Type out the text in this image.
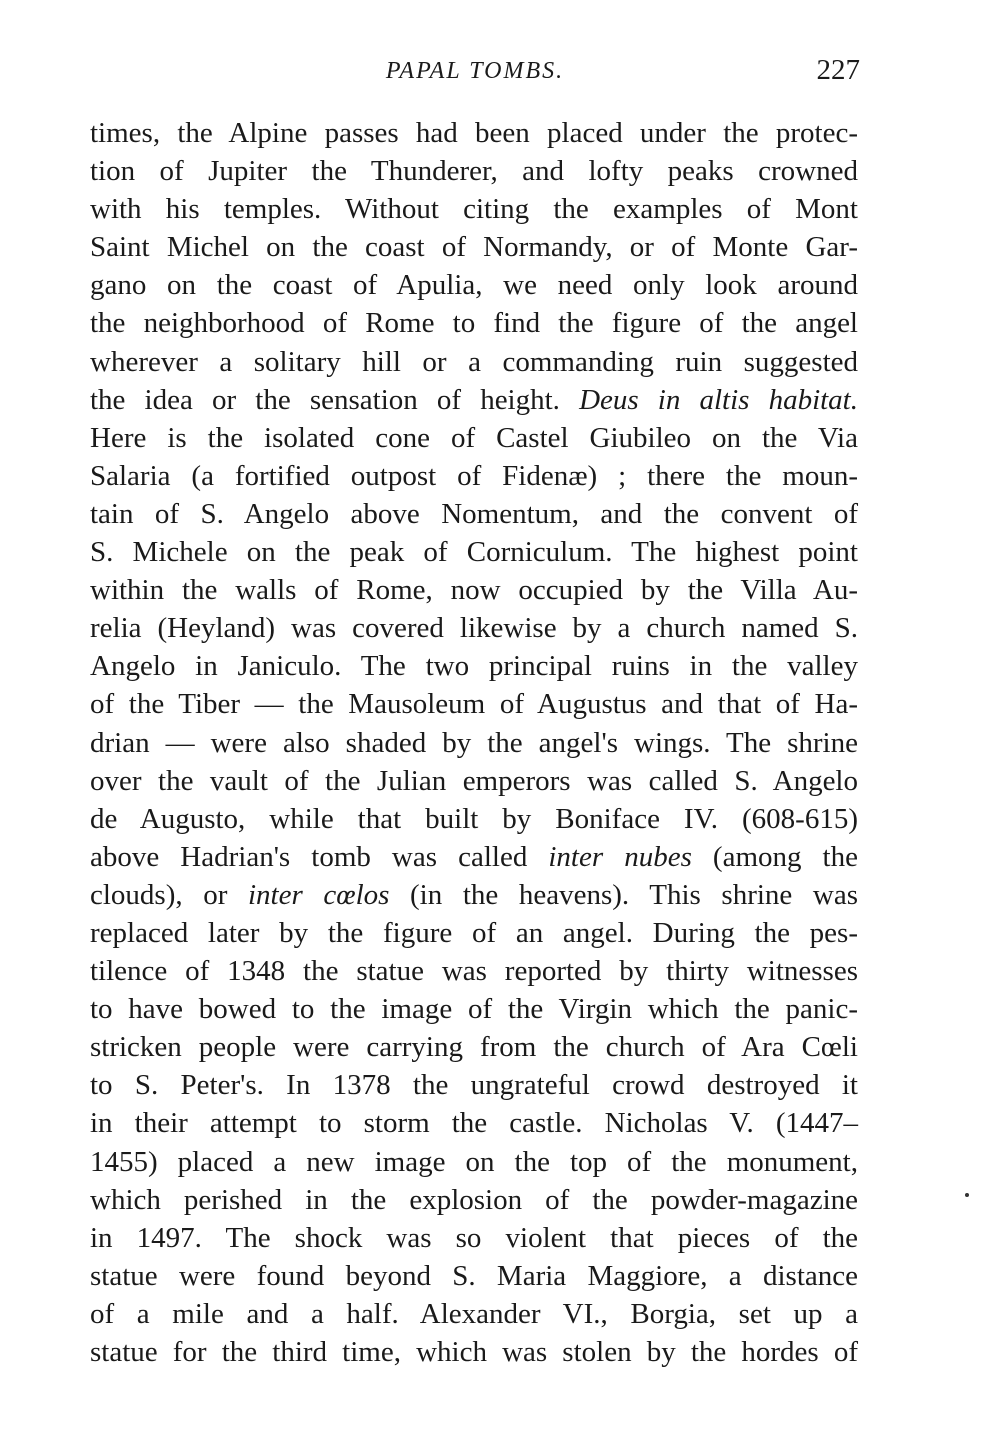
PAPAL TOMBS.	227
times, the Alpine passes had been placed under the protec-
tion of Jupiter the Thunderer, and lofty peaks crowned
with his temples. Without citing the examples of Mont
Saint Michel on the coast of Normandy, or of Monte Gar-
gano on the coast of Apulia, we need only look around
the neighborhood of Rome to find the figure of the angel
wherever a solitary hill or a commanding ruin suggested
the idea or the sensation of height. Deus in altis habitat.
Here is the isolated cone of Castel Giubileo on the Via
Salaria (a fortified outpost of Fidenæ) ; there the moun-
tain of S. Angelo above Nomentum, and the convent of
S. Michele on the peak of Corniculum. The highest point
within the walls of Rome, now occupied by the Villa Au-
relia (Heyland) was covered likewise by a church named S.
Angelo in Janiculo. The two principal ruins in the valley
of the Tiber — the Mausoleum of Augustus and that of Ha-
drian — were also shaded by the angel's wings. The shrine
over the vault of the Julian emperors was called S. Angelo
de Augusto, while that built by Boniface IV. (608-615)
above Hadrian's tomb was called inter nubes (among the
clouds), or inter cœlos (in the heavens). This shrine was
replaced later by the figure of an angel. During the pes-
tilence of 1348 the statue was reported by thirty witnesses
to have bowed to the image of the Virgin which the panic-
stricken people were carrying from the church of Ara Cœli
to S. Peter's. In 1378 the ungrateful crowd destroyed it
in their attempt to storm the castle. Nicholas V. (1447–
1455) placed a new image on the top of the monument,
which perished in the explosion of the powder-magazine
in 1497. The shock was so violent that pieces of the
statue were found beyond S. Maria Maggiore, a distance
of a mile and a half. Alexander VI., Borgia, set up a
statue for the third time, which was stolen by the hordes of
